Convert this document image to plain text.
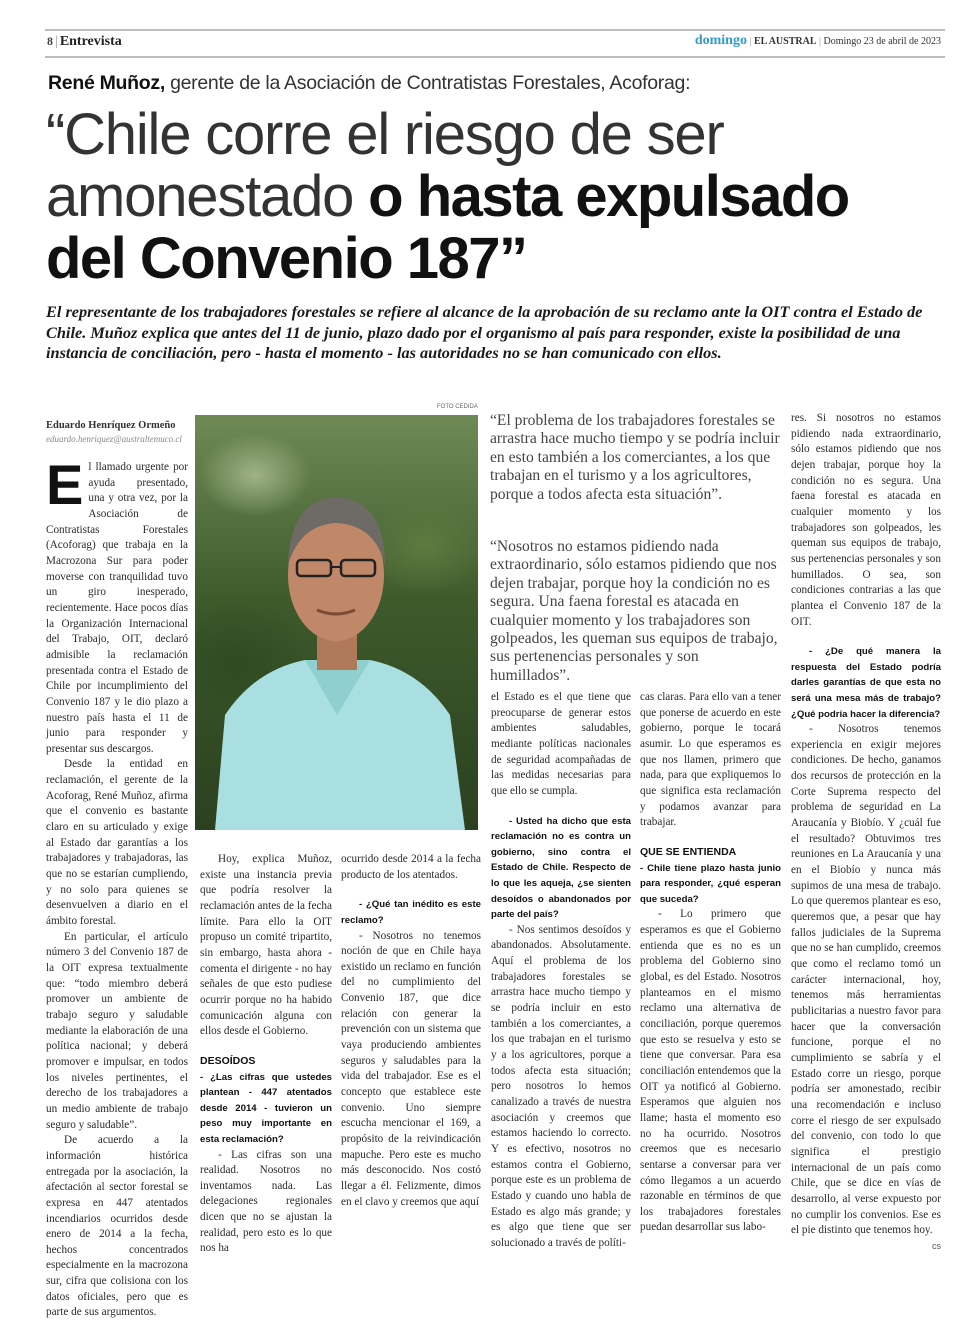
8 | Entrevista	domingo | EL AUSTRAL | Domingo 23 de abril de 2023
René Muñoz, gerente de la Asociación de Contratistas Forestales, Acoforag:
“Chile corre el riesgo de ser
amonestado o hasta expulsado
del Convenio 187”
El representante de los trabajadores forestales se refiere al alcance de la aprobación de su reclamo ante la OIT contra el Estado de Chile. Muñoz explica que antes del 11 de junio, plazo dado por el organismo al país para responder, existe la posibilidad de una instancia de conciliación, pero - hasta el momento - las autoridades no se han comunicado con ellos.
Eduardo Henríquez Ormeño
eduardo.henriquez@australtemuco.cl

El llamado urgente por ayuda presentado, una y otra vez, por la Asociación de Contratistas Forestales (Acoforag) que trabaja en la Macrozona Sur para poder moverse con tranquilidad tuvo un giro inesperado, recientemente. Hace pocos días la Organización Internacional del Trabajo, OIT, declaró admisible la reclamación presentada contra el Estado de Chile por incumplimiento del Convenio 187 y le dio plazo a nuestro país hasta el 11 de junio para responder y presentar sus descargos.

Desde la entidad en reclamación, el gerente de la Acoforag, René Muñoz, afirma que el convenio es bastante claro en su articulado y exige al Estado dar garantías a los trabajadores y trabajadoras, las que no se estarían cumpliendo, y no solo para quienes se desenvuelven a diario en el ámbito forestal.

En particular, el artículo número 3 del Convenio 187 de la OIT expresa textualmente que: “todo miembro deberá promover un ambiente de trabajo seguro y saludable mediante la elaboración de una política nacional; y deberá promover e impulsar, en todos los niveles pertinentes, el derecho de los trabajadores a un medio ambiente de trabajo seguro y saludable”.

De acuerdo a la información histórica entregada por la asociación, la afectación al sector forestal se expresa en 447 atentados incendiarios ocurridos desde enero de 2014 a la fecha, hechos concentrados especialmente en la macrozona sur, cifra que colisiona con los datos oficiales, pero que es parte de sus argumentos.

FOTO CEDIDA

Hoy, explica Muñoz, existe una instancia previa que podría resolver la reclamación antes de la fecha límite. Para ello la OIT propuso un comité tripartito, sin embargo, hasta ahora - comenta el dirigente - no hay señales de que esto pudiese ocurrir porque no ha habido comunicación alguna con ellos desde el Gobierno.

DESOÍDOS

- ¿Las cifras que ustedes plantean - 447 atentados desde 2014 - tuvieron un peso muy importante en esta reclamación?

- Las cifras son una realidad. Nosotros no inventamos nada. Las delegaciones regionales dicen que no se ajustan la realidad, pero esto es lo que nos ha

ocurrido desde 2014 a la fecha producto de los atentados.

- ¿Qué tan inédito es este reclamo?

- Nosotros no tenemos noción de que en Chile haya existido un reclamo en función del no cumplimiento del Convenio 187, que dice relación con generar la prevención con un sistema que vaya produciendo ambientes seguros y saludables para la vida del trabajador. Ese es el concepto que establece este convenio. Uno siempre escucha mencionar el 169, a propósito de la reivindicación mapuche. Pero este es mucho más desconocido. Nos costó llegar a él. Felizmente, dimos en el clavo y creemos que aquí

“El problema de los trabajadores forestales se arrastra hace mucho tiempo y se podría incluir en esto también a los comerciantes, a los que trabajan en el turismo y a los agricultores, porque a todos afecta esta situación”.
“Nosotros no estamos pidiendo nada extraordinario, sólo estamos pidiendo que nos dejen trabajar, porque hoy la condición no es segura. Una faena forestal es atacada en cualquier momento y los trabajadores son golpeados, les queman sus equipos de trabajo, sus pertenencias personales y son humillados”.

el Estado es el que tiene que preocuparse de generar estos ambientes saludables, mediante políticas nacionales de seguridad acompañadas de las medidas necesarias para que ello se cumpla.

- Usted ha dicho que esta reclamación no es contra un gobierno, sino contra el Estado de Chile. Respecto de lo que les aqueja, ¿se sienten desoídos o abandonados por parte del país?

- Nos sentimos desoídos y abandonados. Absolutamente. Aquí el problema de los trabajadores forestales se arrastra hace mucho tiempo y se podría incluir en esto también a los comerciantes, a los que trabajan en el turismo y a los agricultores, porque a todos afecta esta situación; pero nosotros lo hemos canalizado a través de nuestra asociación y creemos que estamos haciendo lo correcto. Y es efectivo, nosotros no estamos contra el Gobierno, porque este es un problema de Estado y cuando uno habla de Estado es algo más grande; y es algo que tiene que ser solucionado a través de políti-

cas claras. Para ello van a tener que ponerse de acuerdo en este gobierno, porque le tocará asumir. Lo que esperamos es que nos llamen, primero que nada, para que expliquemos lo que significa esta reclamación y podamos avanzar para trabajar.

QUE SE ENTIENDA

- Chile tiene plazo hasta junio para responder, ¿qué esperan que suceda?

- Lo primero que esperamos es que el Gobierno entienda que es no es un problema del Gobierno sino global, es del Estado. Nosotros planteamos en el mismo reclamo una alternativa de conciliación, porque queremos que esto se resuelva y esto se tiene que conversar. Para esa conciliación entendemos que la OIT ya notificó al Gobierno. Esperamos que alguien nos llame; hasta el momento eso no ha ocurrido. Nosotros creemos que es necesario sentarse a conversar para ver cómo llegamos a un acuerdo razonable en términos de que los trabajadores forestales puedan desarrollar sus labo-

res. Si nosotros no estamos pidiendo nada extraordinario, sólo estamos pidiendo que nos dejen trabajar, porque hoy la condición no es segura. Una faena forestal es atacada en cualquier momento y los trabajadores son golpeados, les queman sus equipos de trabajo, sus pertenencias personales y son humillados. O sea, son condiciones contrarias a las que plantea el Convenio 187 de la OIT.

- ¿De qué manera la respuesta del Estado podría darles garantías de que esta no será una mesa más de trabajo? ¿Qué podría hacer la diferencia?

- Nosotros tenemos experiencia en exigir mejores condiciones. De hecho, ganamos dos recursos de protección en la Corte Suprema respecto del problema de seguridad en La Araucanía y Biobío. Y ¿cuál fue el resultado? Obtuvimos tres reuniones en La Araucanía y una en el Biobío y nunca más supimos de una mesa de trabajo. Lo que queremos plantear es eso, queremos que, a pesar que hay fallos judiciales de la Suprema que no se han cumplido, creemos que como el reclamo tomó un carácter internacional, hoy, tenemos más herramientas publicitarias a nuestro favor para hacer que la conversación funcione, porque el no cumplimiento se sabría y el Estado corre un riesgo, porque podría ser amonestado, recibir una recomendación e incluso corre el riesgo de ser expulsado del convenio, con todo lo que significa el prestigio internacional de un país como Chile, que se dice en vías de desarrollo, al verse expuesto por no cumplir los convenios. Ese es el pie distinto que tenemos hoy.
cs
